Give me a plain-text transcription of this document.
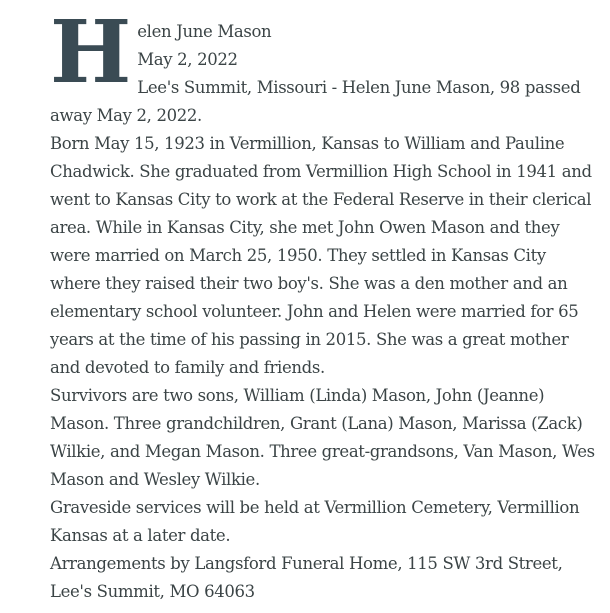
H elen June Mason

May 2, 2022

Lee's Summit, Missouri - Helen June Mason, 98 passed away May 2, 2022.

Born May 15, 1923 in Vermillion, Kansas to William and Pauline Chadwick. She graduated from Vermillion High School in 1941 and went to Kansas City to work at the Federal Reserve in their clerical area. While in Kansas City, she met John Owen Mason and they were married on March 25, 1950. They settled in Kansas City where they raised their two boy's. She was a den mother and an elementary school volunteer. John and Helen were married for 65 years at the time of his passing in 2015. She was a great mother and devoted to family and friends.

Survivors are two sons, William (Linda) Mason, John (Jeanne) Mason. Three grandchildren, Grant (Lana) Mason, Marissa (Zack) Wilkie, and Megan Mason. Three great-grandsons, Van Mason, Wes Mason and Wesley Wilkie.

Graveside services will be held at Vermillion Cemetery, Vermillion Kansas at a later date.

Arrangements by Langsford Funeral Home, 115 SW 3rd Street, Lee's Summit, MO 64063
